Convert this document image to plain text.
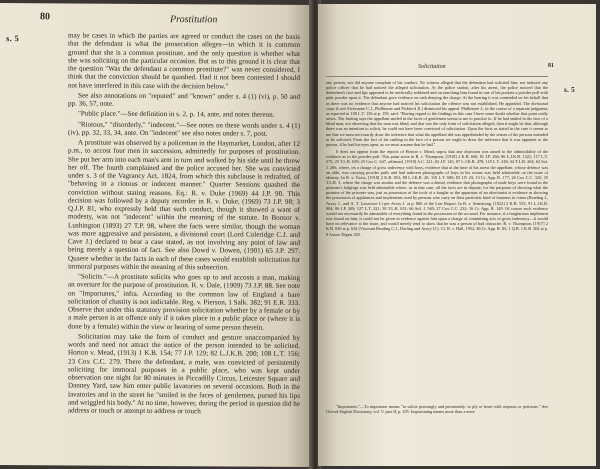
80	Prostitution
s. 5	may be cases in which the parties are agreed or conduct the cases on the basis that the defendant is what the prosecution alleges—in which it is common ground that she is a common prostitute, and the only question is whether what she was soliciting on the particular occasion. But as to this ground it is clear that the question "Was the defendant a common prostitute?" was never considered, I think that the conviction should be quashed. Had it not been contested I should not have interfered in this case with the decision below."

See also annotations on "reputed" and "known" under s. 4 (1) (vi), p. 50 and pp. 36, 57, note.

"Public place."—See definition in s. 2, p. 14, ante, and notes thereon.

"Riotous," "disorderly," "indecent."—See notes on these words under s. 4 (1) (iv), pp. 32, 33, 34, ante. On "indecent" see also notes under s. 7, post.

A prostitute was observed by a policeman in the Haymarket, London, after 12 p.m., to accost four men in succession, admittedly for purposes of prostitution. She put her arm into each man's arm in turn and walked by his side until he threw her off. The fourth complained and the police accused her. She was convicted under s. 3 of the Vagrancy Act, 1824, from which this subclause is redrafted, of "behaving in a riotous or indecent manner." Quarter Sessions quashed the conviction without stating reasons. Eq.: R. v. Duke (1969) 44 J.P. 90. This decision was followed by a deputy recorder in R. v. Duke, (1969) 73 J.P. 98; 3 Q.J.P. 81, who expressly held that such conduct, though it showed a want of modesty, was not "indecent" within the meaning of the statute. In Bonsor v. Lushington (1893) 27 T.P. 98, where the facts were similar, though the woman was more aggressive and persistent, a divisional court (Lord Coleridge C.J. and Cave J.) declared to bear a case stated, as not involving any point of law and being merely a question of fact. See also Dowd v. Dowen, (1901) 65 J.P. 297. Quaere whether in the facts in each of these cases would establish solicitation for immoral purposes within the meaning of this subsection.

"Solicits."—A prostitute solicits who goes up to and accosts a man, making an overture for the purpose of prostitution. R. v. Dale, (1909) 73 J.P. 88. See note on "Importunes," infra. According to the common law of England a bare solicitation of chastity is not indictable. Reg. v. Pierson, 1 Salk. 382; 91 E.R. 333. Observe that under this statutory provision solicitation whether by a female or by a male person is an offence only if it takes place in a public place or (where it is done by a female) within the view or hearing of some person therein.

Solicitation may take the form of conduct and gesture unaccompanied by words and need not attract the notice of the person intended to be solicited. Horton v. Mead, (1913) 1 K.B. 154; 77 J.P. 129; 82 L.J.K.B. 200; 108 L.T. 156; 23 Cox C.C. 279. There the defendant, a male, was convicted of persistently soliciting for immoral purposes in a public place, who was kept under observation one night for 80 minutes in Piccadilly Circus, Leicester Square and Danney Yard, saw him enter public lavatories on several occasions. Both in the lavatories and in the street he "smiled in the faces of gentlemen, pursed his lips and wriggled his body." At no time, however, during the period in question did he address or touch or attempt to address or touch

Solicitation	81
s. 5

any person, nor did anyone complain of his conduct. No witness alleged that the defendant had solicited him, nor induced any police officer that he had noticed the alleged solicitation. At the police station, after his arrest, the police noticed that the defendant's face and lips appeared to be artificially reddened and on searching him found in one of his pockets a powder puff with pink powder upon it. The defendant gave evidence on oath denying the charge. At the hearing it was contended on his behalf that as there was no evidence that anyone had noticed his solicitation the offence was not established. He appealed. The divisional court (Lord Alverstone C.J., Phillimore and Pickford JJ.) dismissed his appeal. Phillimore J., in the course of a separate judgment, as reported in 108 L.T. 156 at p. 159, said: "Having regard to the findings in this case I have some doubt whether that point really arises. The finding says the appellant smiled in the faces of gentlemen seems to me to practise to. If he had smiled in the face of a blind man, not observing that the man was blind, and that was the only form of solicitation alleged, then it might be that, although there was an intention to solicit, he could not have been convicted of solicitation. Upon the facts as stated in the case it seems to me that we must necessarily draw the inference that what the appellant did was apprehended by the senses of the persons intended to be solicited. From the fact of his smiling in the face of a person we ought to draw the inference that it was apparent to the person, if he had his eyes open, as we must assume that he had."

It does not appear from the reports of Horton v. Mead, supra, that any objection was raised to the admissibility of the evidence as to the powder puff. This point arose in R. v. Thompson, [1918] 2 K.B. 600; 81 J.P. 266; 86 L.J.K.B. 1321; 117 L.T. 575; 25 T.L.R. 639; 25 Cox C. 647, affirmed, [1918] A.C. 221; 82 J.P. 145; 87 L.J.K.B. 478; 118 L.T. 418; 34 T.L.R. 204; 62 Sol. J. 266, where, on a charge of gross indecency with boys, evidence that at the time of his arrest the appellant, whose defence was an alibi, was carrying powder puffs and had indecent photographs of boys in his rooms was held admissible on the issue of identity. In R. v. Twiss, [1918] 2 K.B. 853; 88 L.J.K.B. 20; 119 L.T. 680; 83 J.P. 23; 13 Cr. App. R. 177; 26 Cox C.C. 325; 35 T.L.R. 3, where the charge was similar and the defence was a denial, evidence that photographs of nude boys were found in the prisoner's lodgings was held admissible where, as in that case, all the facts are in dispute, for the purposes of showing what the promise of the prisoner was, just as possession of the tools of a burglar or the apparatus of an abortionist is evidence as showing the possession of appliances and implements used by persons who carry on their particular kind of business in crime (Reading J., Avory J., and A. T. Lawrence J.) per Avory J. at p. 860 of the Law Report. In R. v. Armstrong, [1922] 2 K.B. 555; 91 L.J.K.B. 904; 86 J.P. 209; 127 L.T. 221; 38 T.L.R. 631; 66 Sol. J. 540; 27 Cox C.C. 232; 16 Cr. App. R. 149. Of course such evidence would not necessarily be admissible of everything found in the possession of the accused. For instance, if a burglarious implement was found on him, it could not be given in evidence against him upon a charge of committing acts of gross indecency—it would have no relevance to the issue, and would merely tend to show that he was a person of bad character. R. v. Thompson, [1917] 2 K.B. 630 at p. 634 (Viscount Reading C.J., Darling and Avory JJ.). Cf. R. v. Hall, 1952, 36 Cr. App. R. 85; 1 Q.B. 1 K.B. 302 at p. 8 Assize Digest 303.

"Importunes."—To importune means "to solicit pressingly and persistently: to ply or beset with requests or petitions." See Oxford English Dictionary, vol. V. part II, p. 105. Importuning means more than a mere
